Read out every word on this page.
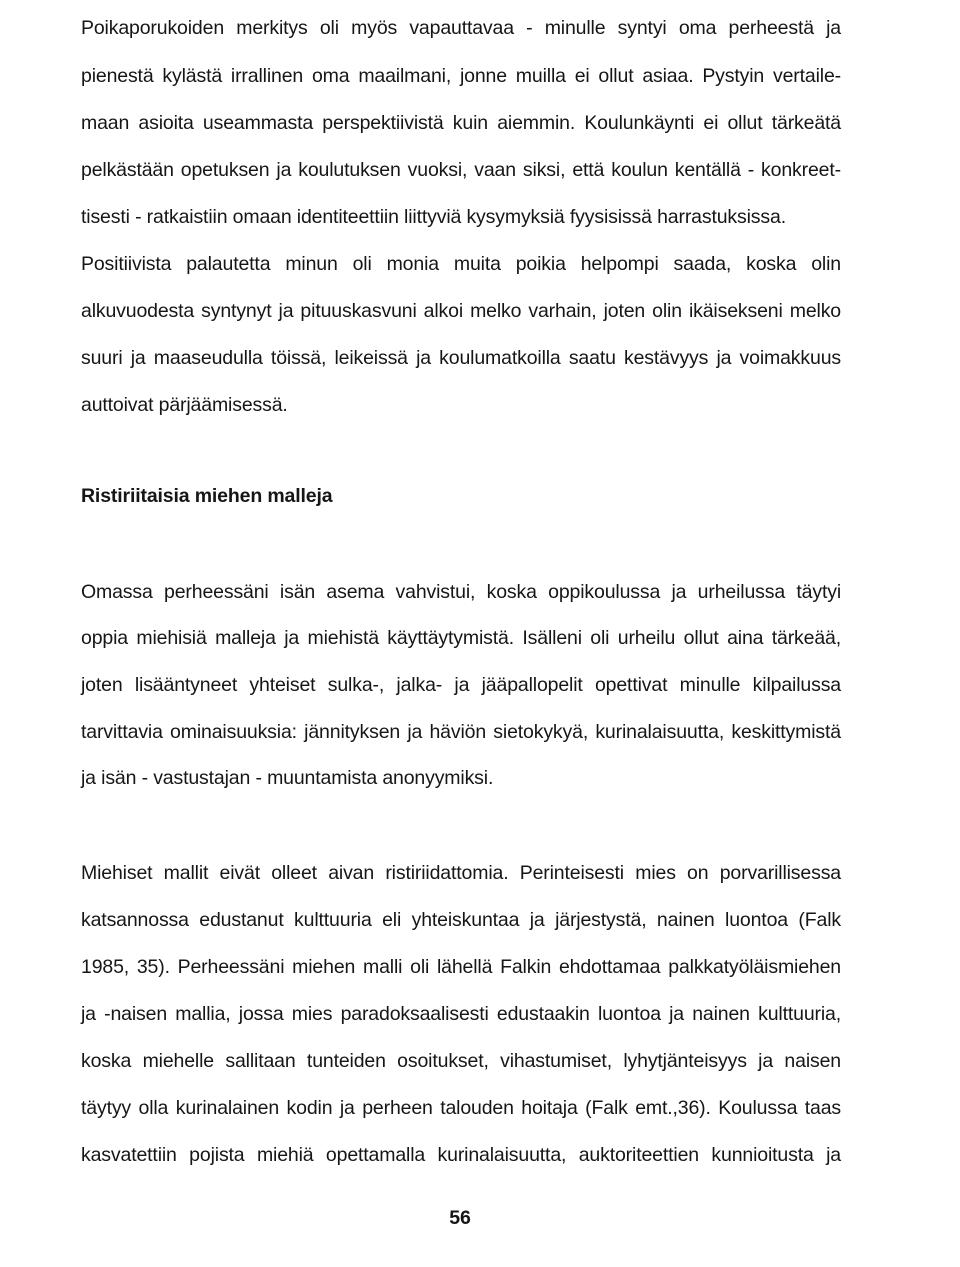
Poikaporukoiden merkitys oli myös vapauttavaa - minulle syntyi oma perheestä ja
pienestä kylästä irrallinen oma maailmani, jonne muilla ei ollut asiaa. Pystyin vertaile-
maan asioita useammasta perspektiivistä kuin aiemmin. Koulunkäynti ei ollut tärkeätä
pelkästään opetuksen ja koulutuksen vuoksi, vaan siksi, että koulun kentällä - konkreet-
tisesti - ratkaistiin omaan identiteettiin liittyviä kysymyksiä fyysisissä harrastuksissa.
Positiivista palautetta minun oli monia muita poikia helpompi saada, koska olin
alkuvuodesta syntynyt ja pituuskasvuni alkoi melko varhain, joten olin ikäisekseni melko
suuri ja maaseudulla töissä, leikeissä ja koulumatkoilla saatu kestävyys ja voimakkuus
auttoivat pärjäämisessä.
Ristiriitaisia miehen malleja
Omassa perheessäni isän asema vahvistui, koska oppikoulussa ja urheilussa täytyi
oppia miehisiä malleja ja miehistä käyttäytymistä. Isälleni oli urheilu ollut aina tärkeää,
joten lisääntyneet yhteiset sulka-, jalka- ja jääpallopelit opettivat minulle kilpailussa
tarvittavia ominaisuuksia: jännityksen ja häviön sietokykyä, kurinalaisuutta, keskittymistä
ja isän - vastustajan - muuntamista anonyymiksi.
Miehiset mallit eivät olleet aivan ristiriidattomia. Perinteisesti mies on porvarillisessa
katsannossa edustanut kulttuuria eli yhteiskuntaa ja järjestystä, nainen luontoa (Falk
1985, 35). Perheessäni miehen malli oli lähellä Falkin ehdottamaa palkkatyöläismiehen
ja -naisen mallia, jossa mies paradoksaalisesti edustaakin luontoa ja nainen kulttuuria,
koska miehelle sallitaan tunteiden osoitukset, vihastumiset, lyhytjänteisyys ja naisen
täytyy olla kurinalainen kodin ja perheen talouden hoitaja (Falk emt.,36). Koulussa taas
kasvatettiin pojista miehiä opettamalla kurinalaisuutta, auktoriteettien kunnioitusta ja
56
